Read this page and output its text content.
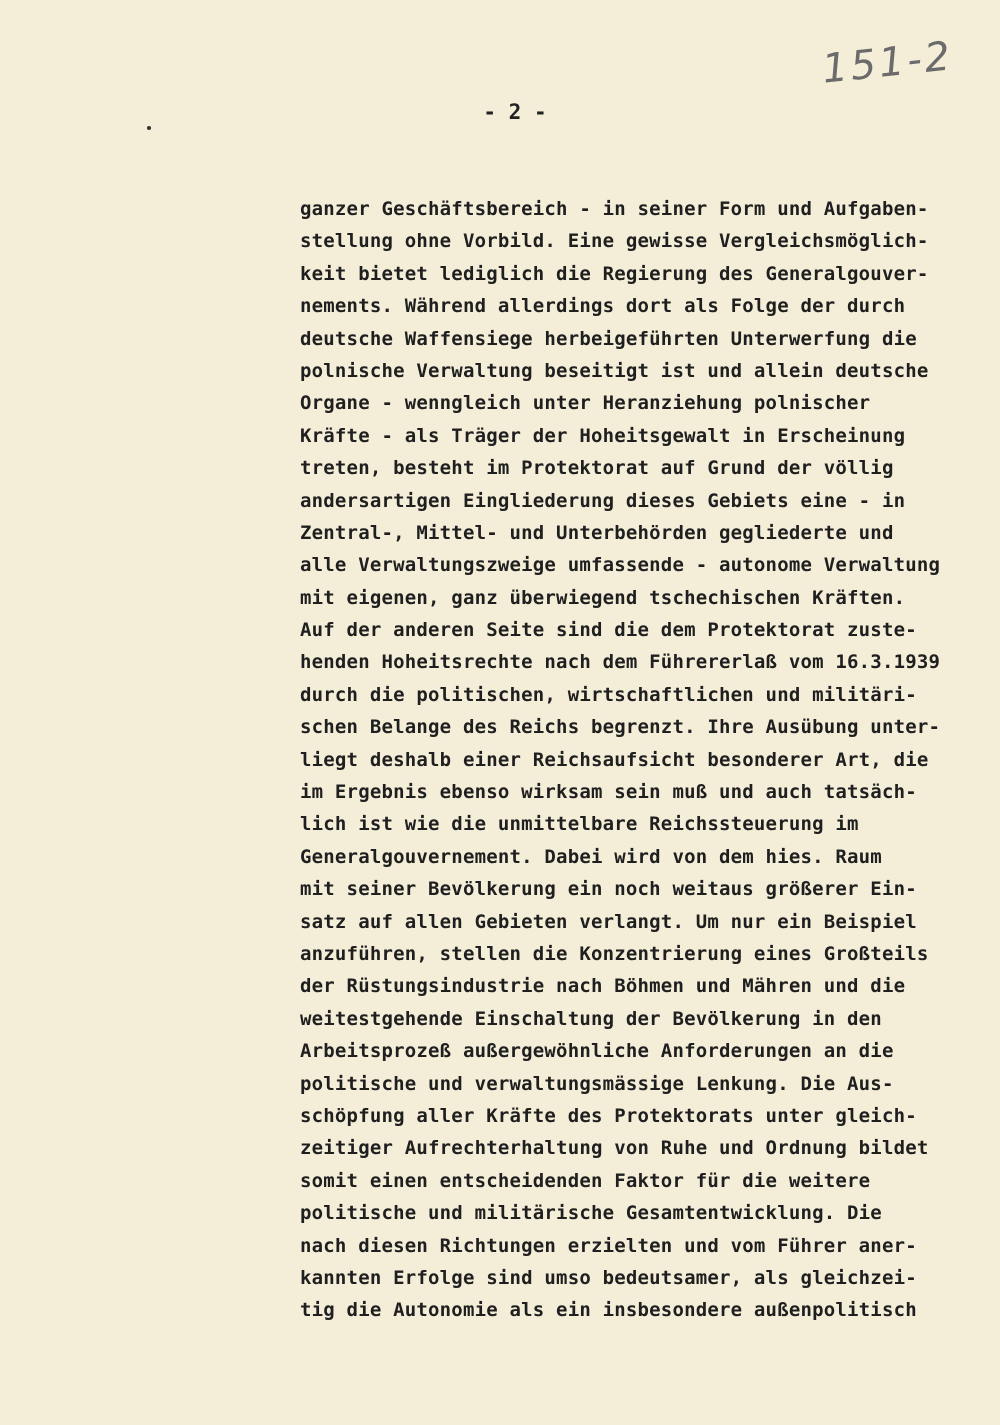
151-2
- 2 -
ganzer Geschäftsbereich - in seiner Form und Aufgaben-
stellung ohne Vorbild. Eine gewisse Vergleichsmöglich-
keit bietet lediglich die Regierung des Generalgouver-
nements. Während allerdings dort als Folge der durch
deutsche Waffensiege herbeigeführten Unterwerfung die
polnische Verwaltung beseitigt ist und allein deutsche
Organe - wenngleich unter Heranziehung polnischer
Kräfte - als Träger der Hoheitsgewalt in Erscheinung
treten, besteht im Protektorat auf Grund der völlig
andersartigen Eingliederung dieses Gebiets eine - in
Zentral-, Mittel- und Unterbehörden gegliederte und
alle Verwaltungszweige umfassende - autonome Verwaltung
mit eigenen, ganz überwiegend tschechischen Kräften.
Auf der anderen Seite sind die dem Protektorat zuste-
henden Hoheitsrechte nach dem Führererlaß vom 16.3.1939
durch die politischen, wirtschaftlichen und militäri-
schen Belange des Reichs begrenzt. Ihre Ausübung unter-
liegt deshalb einer Reichsaufsicht besonderer Art, die
im Ergebnis ebenso wirksam sein muß und auch tatsäch-
lich ist wie die unmittelbare Reichssteuerung im
Generalgouvernement. Dabei wird von dem hies. Raum
mit seiner Bevölkerung ein noch weitaus größerer Ein-
satz auf allen Gebieten verlangt. Um nur ein Beispiel
anzuführen, stellen die Konzentrierung eines Großteils
der Rüstungsindustrie nach Böhmen und Mähren und die
weitestgehende Einschaltung der Bevölkerung in den
Arbeitsprozeß außergewöhnliche Anforderungen an die
politische und verwaltungsmässige Lenkung. Die Aus-
schöpfung aller Kräfte des Protektorats unter gleich-
zeitiger Aufrechterhaltung von Ruhe und Ordnung bildet
somit einen entscheidenden Faktor für die weitere
politische und militärische Gesamtentwicklung. Die
nach diesen Richtungen erzielten und vom Führer aner-
kannten Erfolge sind umso bedeutsamer, als gleichzei-
tig die Autonomie als ein insbesondere außenpolitisch
